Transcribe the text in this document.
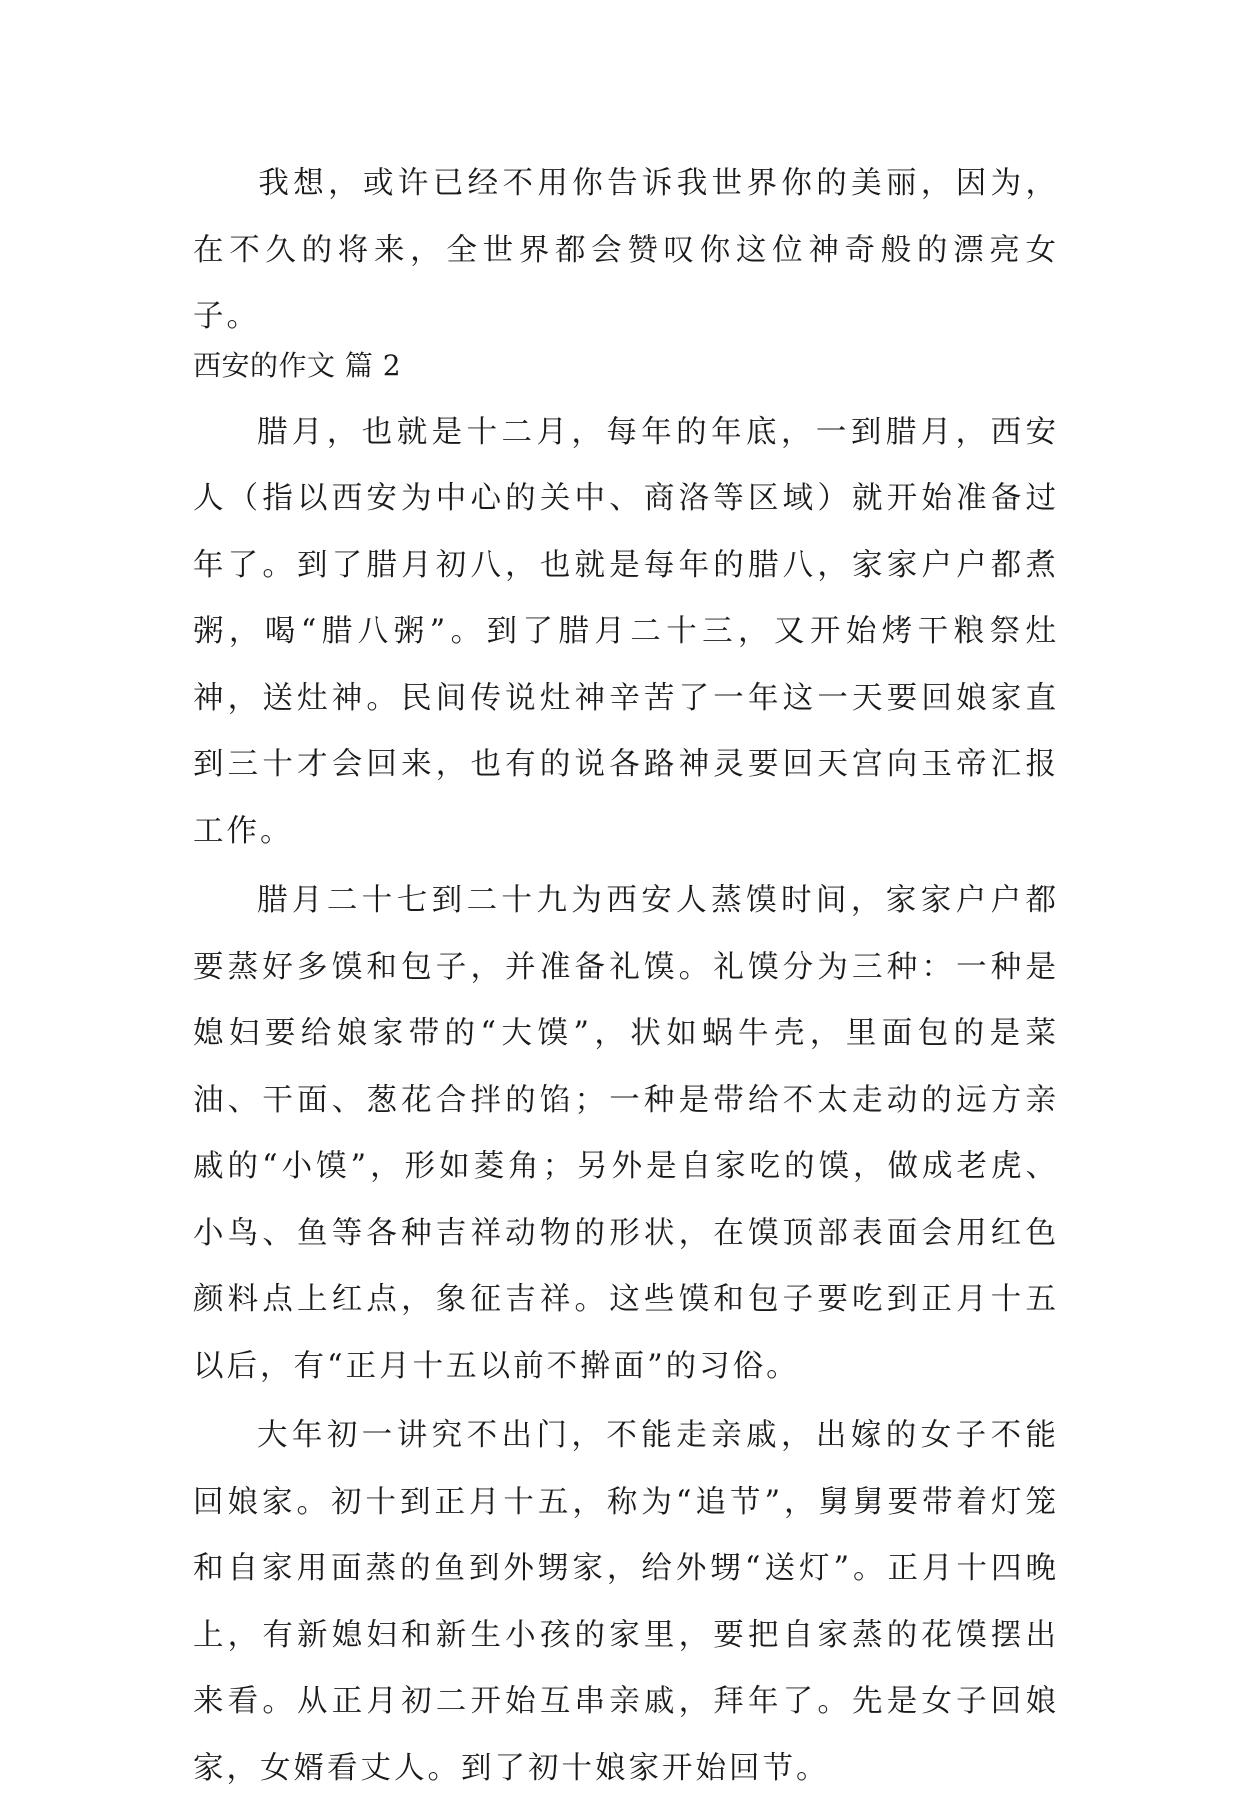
我想，或许已经不用你告诉我世界你的美丽，因为，在不久的将来，全世界都会赞叹你这位神奇般的漂亮女子。

西安的作文 篇 2

腊月，也就是十二月，每年的年底，一到腊月，西安人（指以西安为中心的关中、商洛等区域）就开始准备过年了。到了腊月初八，也就是每年的腊八，家家户户都煮粥，喝“腊八粥”。到了腊月二十三，又开始烤干粮祭灶神，送灶神。民间传说灶神辛苦了一年这一天要回娘家直到三十才会回来，也有的说各路神灵要回天宫向玉帝汇报工作。

腊月二十七到二十九为西安人蒸馍时间，家家户户都要蒸好多馍和包子，并准备礼馍。礼馍分为三种：一种是媳妇要给娘家带的“大馍”，状如蜗牛壳，里面包的是菜油、干面、葱花合拌的馅；一种是带给不太走动的远方亲戚的“小馍”，形如菱角；另外是自家吃的馍，做成老虎、小鸟、鱼等各种吉祥动物的形状，在馍顶部表面会用红色颜料点上红点，象征吉祥。这些馍和包子要吃到正月十五以后，有“正月十五以前不擀面”的习俗。

大年初一讲究不出门，不能走亲戚，出嫁的女子不能回娘家。初十到正月十五，称为“追节”，舅舅要带着灯笼和自家用面蒸的鱼到外甥家，给外甥“送灯”。正月十四晚上，有新媳妇和新生小孩的家里，要把自家蒸的花馍摆出来看。从正月初二开始互串亲戚，拜年了。先是女子回娘家，女婿看丈人。到了初十娘家开始回节。
